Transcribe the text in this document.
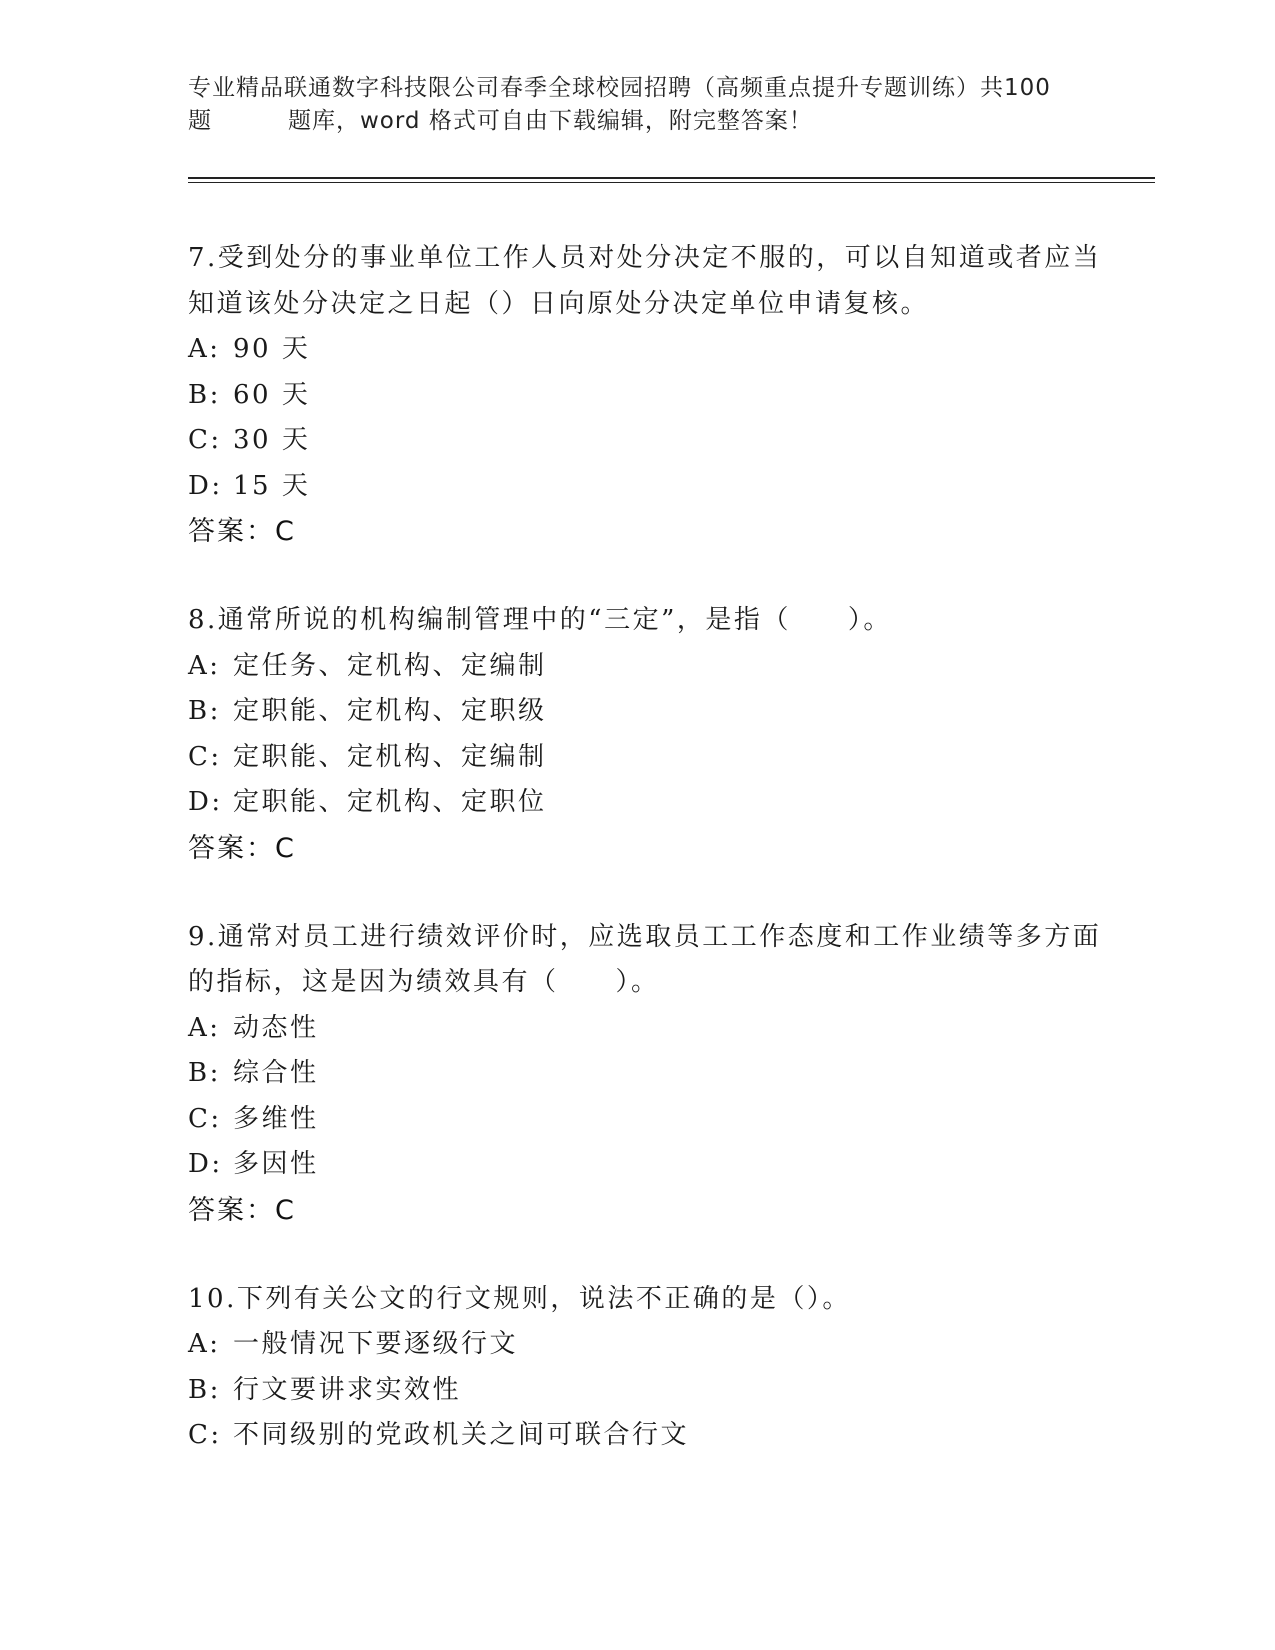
专业精品联通数字科技限公司春季全球校园招聘（高频重点提升专题训练）共100
题	题库，word 格式可自由下载编辑，附完整答案！
7.受到处分的事业单位工作人员对处分决定不服的，可以自知道或者应当知道该处分决定之日起（）日向原处分决定单位申请复核。
A: 90 天
B: 60 天
C: 30 天
D: 15 天
答案：C
8.通常所说的机构编制管理中的“三定”，是指（　　）。
A: 定任务、定机构、定编制
B: 定职能、定机构、定职级
C: 定职能、定机构、定编制
D: 定职能、定机构、定职位
答案：C
9.通常对员工进行绩效评价时，应选取员工工作态度和工作业绩等多方面的指标，这是因为绩效具有（　　）。
A: 动态性
B: 综合性
C: 多维性
D: 多因性
答案：C
10.下列有关公文的行文规则，说法不正确的是（）。
A: 一般情况下要逐级行文
B: 行文要讲求实效性
C: 不同级别的党政机关之间可联合行文
